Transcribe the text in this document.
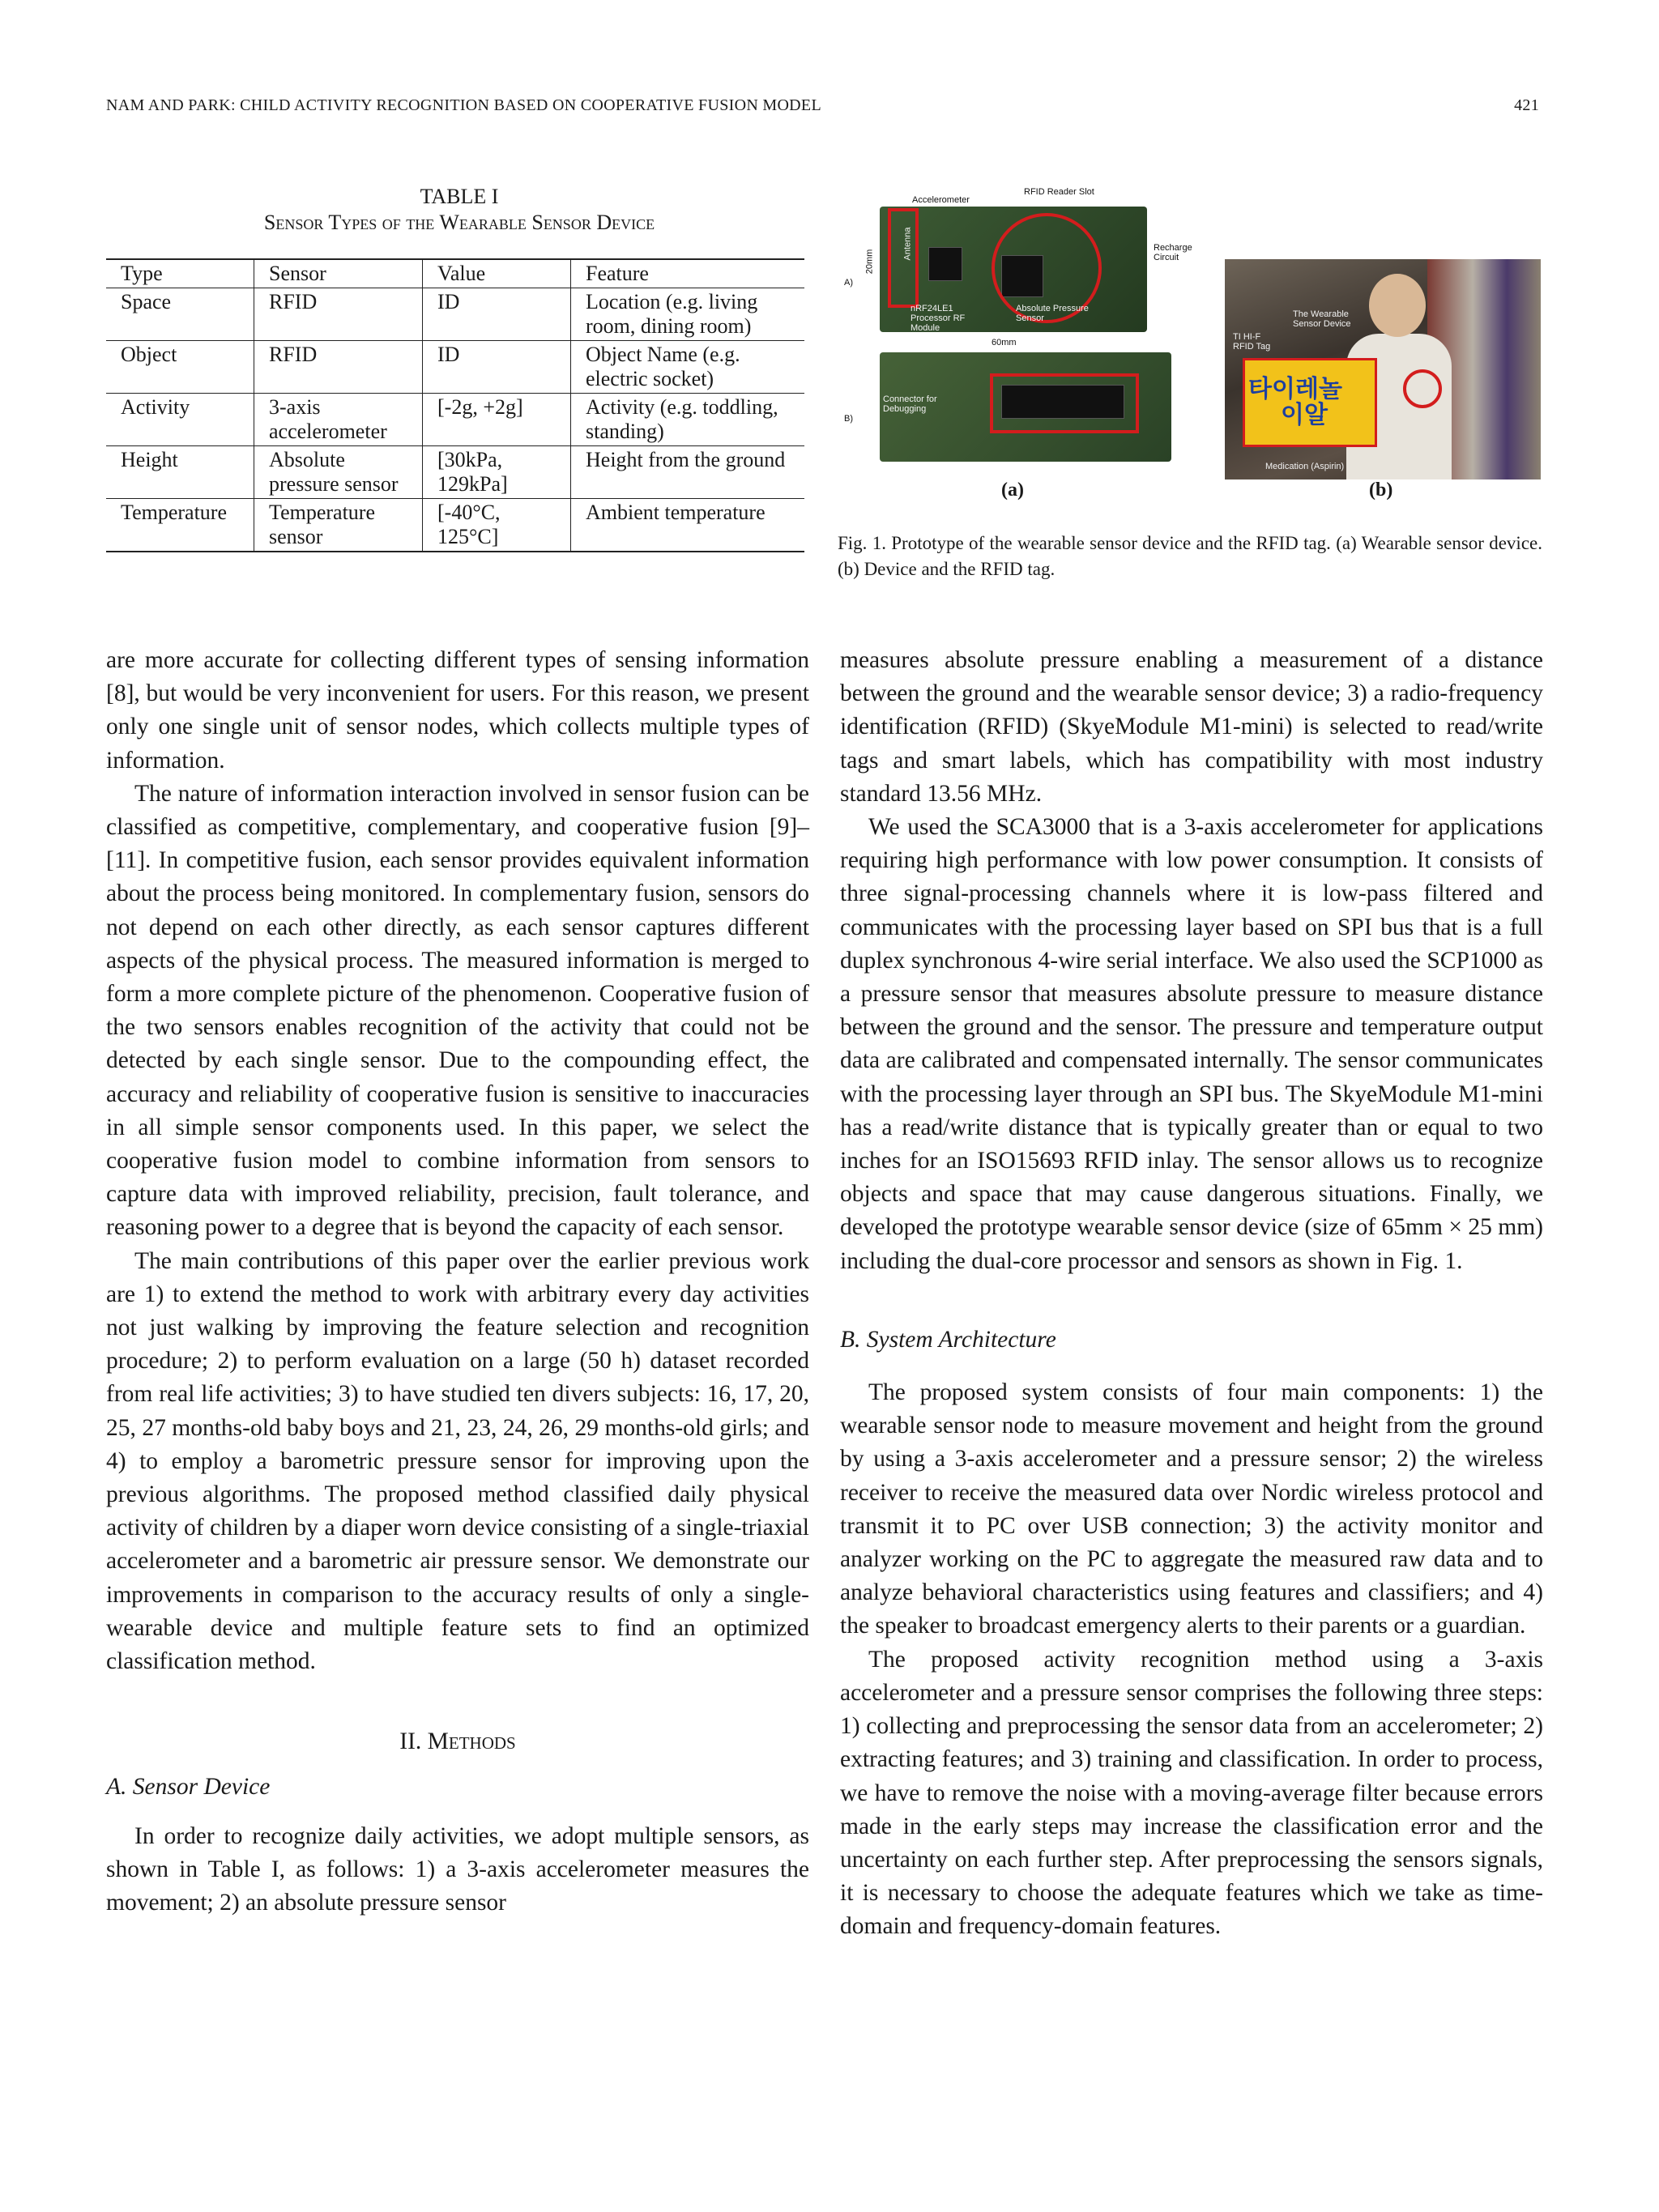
NAM AND PARK: CHILD ACTIVITY RECOGNITION BASED ON COOPERATIVE FUSION MODEL	421
TABLE I
Sensor Types of the Wearable Sensor Device
Type	Sensor	Value	Feature
Space	RFID	ID	Location (e.g. living room, dining room)
Object	RFID	ID	Object Name (e.g. electric socket)
Activity	3-axis accelerometer	[-2g, +2g]	Activity (e.g. toddling, standing)
Height	Absolute pressure sensor	[30kPa, 129kPa]	Height from the ground
Temperature	Temperature sensor	[-40°C, 125°C]	Ambient temperature
A)
B)
Accelerometer
RFID Reader Slot
Recharge Circuit
20mm
Antenna
nRF24LE1 Processor RF Module
Absolute Pressure Sensor
60mm
Connector for Debugging
타이레놀
이알
The Wearable Sensor Device
TI HI-F RFID Tag
Medication (Aspirin)
(a)	(b)
Fig. 1. Prototype of the wearable sensor device and the RFID tag. (a) Wearable sensor device. (b) Device and the RFID tag.

are more accurate for collecting different types of sensing information [8], but would be very inconvenient for users. For this reason, we present only one single unit of sensor nodes, which collects multiple types of information.

The nature of information interaction involved in sensor fusion can be classified as competitive, complementary, and cooperative fusion [9]–[11]. In competitive fusion, each sensor provides equivalent information about the process being monitored. In complementary fusion, sensors do not depend on each other directly, as each sensor captures different aspects of the physical process. The measured information is merged to form a more complete picture of the phenomenon. Cooperative fusion of the two sensors enables recognition of the activity that could not be detected by each single sensor. Due to the compounding effect, the accuracy and reliability of cooperative fusion is sensitive to inaccuracies in all simple sensor components used. In this paper, we select the cooperative fusion model to combine information from sensors to capture data with improved reliability, precision, fault tolerance, and reasoning power to a degree that is beyond the capacity of each sensor.

The main contributions of this paper over the earlier previous work are 1) to extend the method to work with arbitrary every day activities not just walking by improving the feature selection and recognition procedure; 2) to perform evaluation on a large (50 h) dataset recorded from real life activities; 3) to have studied ten divers subjects: 16, 17, 20, 25, 27 months-old baby boys and 21, 23, 24, 26, 29 months-old girls; and 4) to employ a barometric pressure sensor for improving upon the previous algorithms. The proposed method classified daily physical activity of children by a diaper worn device consisting of a single-triaxial accelerometer and a barometric air pressure sensor. We demonstrate our improvements in comparison to the accuracy results of only a single-wearable device and multiple feature sets to find an optimized classification method.

II. Methods
A. Sensor Device

In order to recognize daily activities, we adopt multiple sensors, as shown in Table I, as follows: 1) a 3-axis accelerometer measures the movement; 2) an absolute pressure sensor

measures absolute pressure enabling a measurement of a distance between the ground and the wearable sensor device; 3) a radio-frequency identification (RFID) (SkyeModule M1-mini) is selected to read/write tags and smart labels, which has compatibility with most industry standard 13.56 MHz.

We used the SCA3000 that is a 3-axis accelerometer for applications requiring high performance with low power consumption. It consists of three signal-processing channels where it is low-pass filtered and communicates with the processing layer based on SPI bus that is a full duplex synchronous 4-wire serial interface. We also used the SCP1000 as a pressure sensor that measures absolute pressure to measure distance between the ground and the sensor. The pressure and temperature output data are calibrated and compensated internally. The sensor communicates with the processing layer through an SPI bus. The SkyeModule M1-mini has a read/write distance that is typically greater than or equal to two inches for an ISO15693 RFID inlay. The sensor allows us to recognize objects and space that may cause dangerous situations. Finally, we developed the prototype wearable sensor device (size of 65mm × 25 mm) including the dual-core processor and sensors as shown in Fig. 1.

B. System Architecture

The proposed system consists of four main components: 1) the wearable sensor node to measure movement and height from the ground by using a 3-axis accelerometer and a pressure sensor; 2) the wireless receiver to receive the measured data over Nordic wireless protocol and transmit it to PC over USB connection; 3) the activity monitor and analyzer working on the PC to aggregate the measured raw data and to analyze behavioral characteristics using features and classifiers; and 4) the speaker to broadcast emergency alerts to their parents or a guardian.

The proposed activity recognition method using a 3-axis accelerometer and a pressure sensor comprises the following three steps: 1) collecting and preprocessing the sensor data from an accelerometer; 2) extracting features; and 3) training and classification. In order to process, we have to remove the noise with a moving-average filter because errors made in the early steps may increase the classification error and the uncertainty on each further step. After preprocessing the sensors signals, it is necessary to choose the adequate features which we take as time-domain and frequency-domain features.
